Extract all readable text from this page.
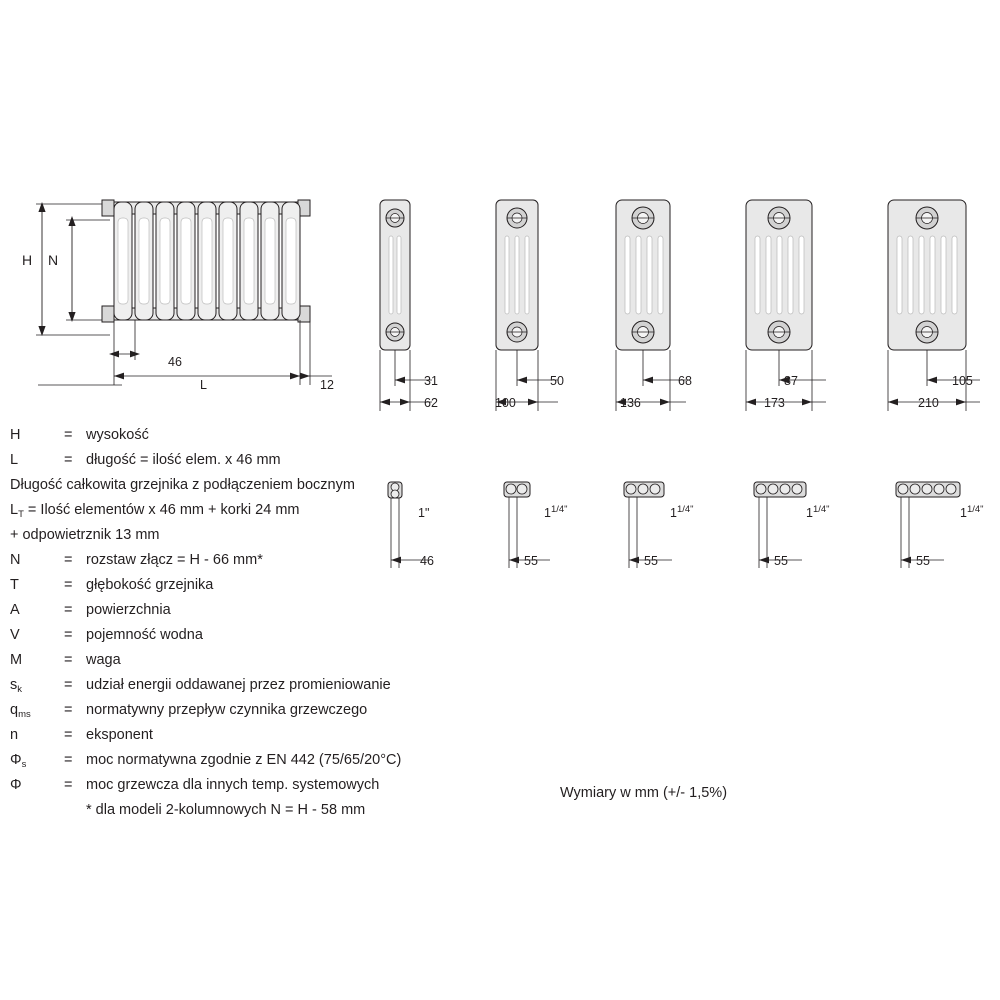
H N
46
L	12	31
62
50
100
68
136
87
173
105
210
1"
46
$1^{1/4"}$
55
$1^{1/4"}$
55
$1^{1/4"}$
55
$1^{1/4"}$
55
H	= wysokość
L	= długość = ilość elem. x 46 mm
Długość całkowita grzejnika z podłączeniem bocznym
$L_T$ = Ilość elementów x 46 mm + korki 24 mm
+ odpowietrznik 13 mm
N	= rozstaw złącz = H - 66 mm*
T	= głębokość grzejnika
A	= powierzchnia
V	= pojemność wodna
M	= waga
$s_k$	= udział energii oddawanej przez promieniowanie
$q_{ms}$	= normatywny przepływ czynnika grzewczego
n	= eksponent
$\Phi_s$	= moc normatywna zgodnie z EN 442 (75/65/20°C)
Φ	= moc grzewcza dla innych temp. systemowych
* dla modeli 2-kolumnowych N = H - 58 mm
Wymiary w mm (+/- 1,5%)
